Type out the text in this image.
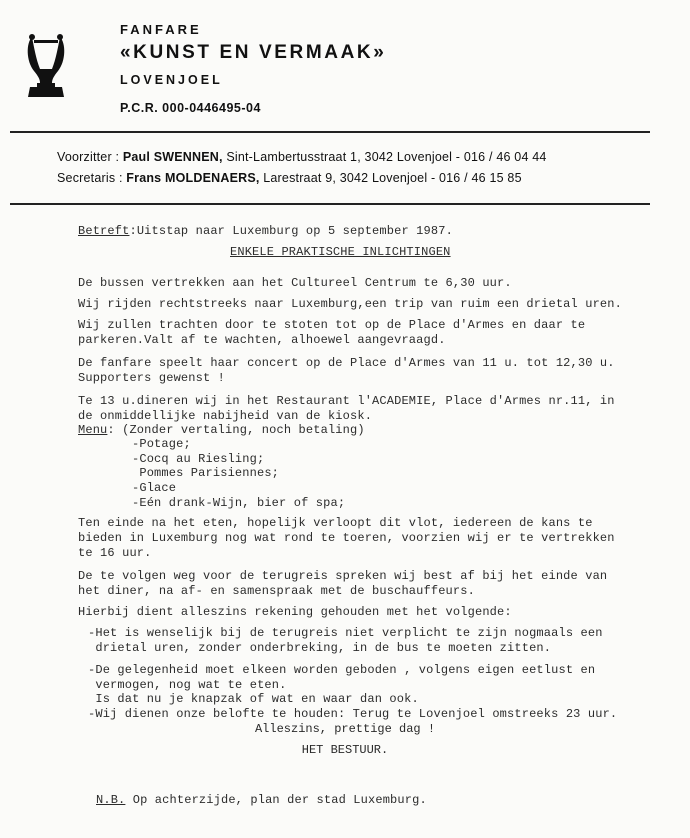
FANFARE
«KUNST EN VERMAAK»
LOVENJOEL
P.C.R. 000-0446495-04
Voorzitter : Paul SWENNEN, Sint-Lambertusstraat 1, 3042 Lovenjoel - 016 / 46 04 44
Secretaris : Frans MOLDENAERS, Larestraat 9, 3042 Lovenjoel - 016 / 46 15 85
Betreft:Uitstap naar Luxemburg op 5 september 1987.
ENKELE PRAKTISCHE INLICHTINGEN
De bussen vertrekken aan het Cultureel Centrum te 6,30 uur.
Wij rijden rechtstreeks naar Luxemburg,een trip van ruim een drietal uren.
Wij zullen trachten door te stoten tot op de Place d'Armes en daar te
parkeren.Valt af te wachten, alhoewel aangevraagd.
De fanfare speelt haar concert op de Place d'Armes van 11 u. tot 12,30 u.
Supporters gewenst !
Te 13 u.dineren wij in het Restaurant l'ACADEMIE, Place d'Armes nr.11, in
de onmiddellijke nabijheid van de kiosk.
Menu: (Zonder vertaling, noch betaling)
-Potage;
-Cocq au Riesling;
Pommes Parisiennes;
-Glace
-Eén drank-Wijn, bier of spa;
Ten einde na het eten, hopelijk verloopt dit vlot, iedereen de kans te
bieden in Luxemburg nog wat rond te toeren, voorzien wij er te vertrekken
te 16 uur.
De te volgen weg voor de terugreis spreken wij best af bij het einde van
het diner, na af- en samenspraak met de buschauffeurs.
Hierbij dient alleszins rekening gehouden met het volgende:
-Het is wenselijk bij de terugreis niet verplicht te zijn nogmaals een
drietal uren, zonder onderbreking, in de bus te moeten zitten.
-De gelegenheid moet elkeen worden geboden , volgens eigen eetlust en
vermogen, nog wat te eten.
Is dat nu je knapzak of wat en waar dan ook.
-Wij dienen onze belofte te houden: Terug te Lovenjoel omstreeks 23 uur.
Alleszins, prettige dag !
HET BESTUUR.
N.B. Op achterzijde, plan der stad Luxemburg.
